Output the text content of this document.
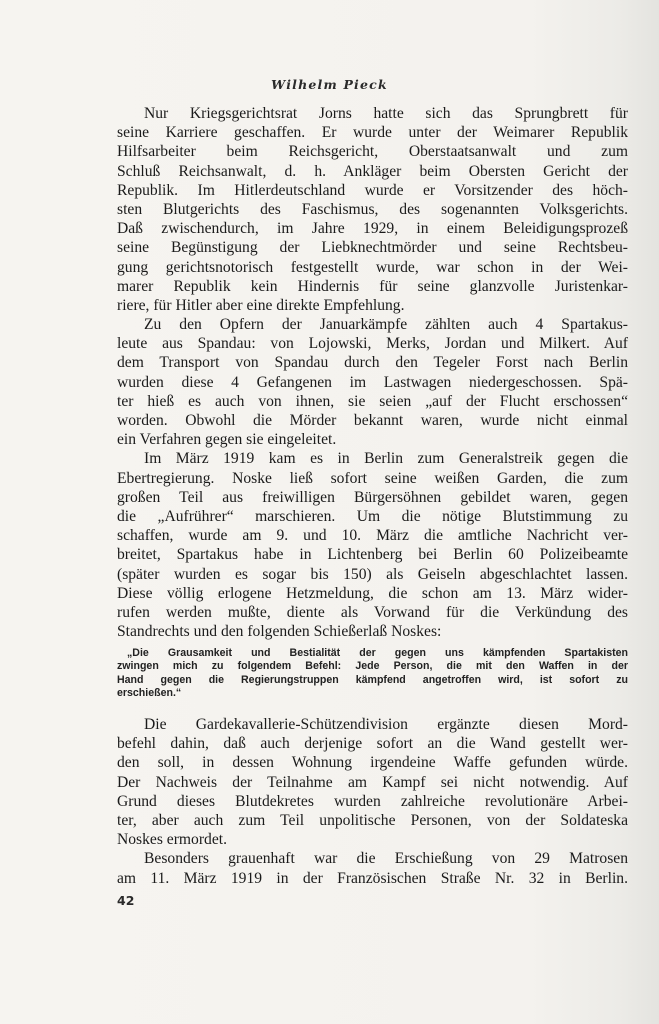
Wilhelm Pieck
Nur Kriegsgerichtsrat Jorns hatte sich das Sprungbrett für
seine Karriere geschaffen. Er wurde unter der Weimarer Republik
Hilfsarbeiter beim Reichsgericht, Oberstaatsanwalt und zum
Schluß Reichsanwalt, d. h. Ankläger beim Obersten Gericht der
Republik. Im Hitlerdeutschland wurde er Vorsitzender des höch-
sten Blutgerichts des Faschismus, des sogenannten Volksgerichts.
Daß zwischendurch, im Jahre 1929, in einem Beleidigungsprozeß
seine Begünstigung der Liebknechtmörder und seine Rechtsbeu-
gung gerichtsnotorisch festgestellt wurde, war schon in der Wei-
marer Republik kein Hindernis für seine glanzvolle Juristenkar-
riere, für Hitler aber eine direkte Empfehlung.
Zu den Opfern der Januarkämpfe zählten auch 4 Spartakus-
leute aus Spandau: von Lojowski, Merks, Jordan und Milkert. Auf
dem Transport von Spandau durch den Tegeler Forst nach Berlin
wurden diese 4 Gefangenen im Lastwagen niedergeschossen. Spä-
ter hieß es auch von ihnen, sie seien „auf der Flucht erschossen“
worden. Obwohl die Mörder bekannt waren, wurde nicht einmal
ein Verfahren gegen sie eingeleitet.
Im März 1919 kam es in Berlin zum Generalstreik gegen die
Ebertregierung. Noske ließ sofort seine weißen Garden, die zum
großen Teil aus freiwilligen Bürgersöhnen gebildet waren, gegen
die „Aufrührer“ marschieren. Um die nötige Blutstimmung zu
schaffen, wurde am 9. und 10. März die amtliche Nachricht ver-
breitet, Spartakus habe in Lichtenberg bei Berlin 60 Polizeibeamte
(später wurden es sogar bis 150) als Geiseln abgeschlachtet lassen.
Diese völlig erlogene Hetzmeldung, die schon am 13. März wider-
rufen werden mußte, diente als Vorwand für die Verkündung des
Standrechts und den folgenden Schießerlaß Noskes:
„Die Grausamkeit und Bestialität der gegen uns kämpfenden Spartakisten
zwingen mich zu folgendem Befehl: Jede Person, die mit den Waffen in der
Hand gegen die Regierungstruppen kämpfend angetroffen wird, ist sofort zu
erschießen.“
Die Gardekavallerie-Schützendivision ergänzte diesen Mord-
befehl dahin, daß auch derjenige sofort an die Wand gestellt wer-
den soll, in dessen Wohnung irgendeine Waffe gefunden würde.
Der Nachweis der Teilnahme am Kampf sei nicht notwendig. Auf
Grund dieses Blutdekretes wurden zahlreiche revolutionäre Arbei-
ter, aber auch zum Teil unpolitische Personen, von der Soldateska
Noskes ermordet.
Besonders grauenhaft war die Erschießung von 29 Matrosen
am 11. März 1919 in der Französischen Straße Nr. 32 in Berlin.
42
